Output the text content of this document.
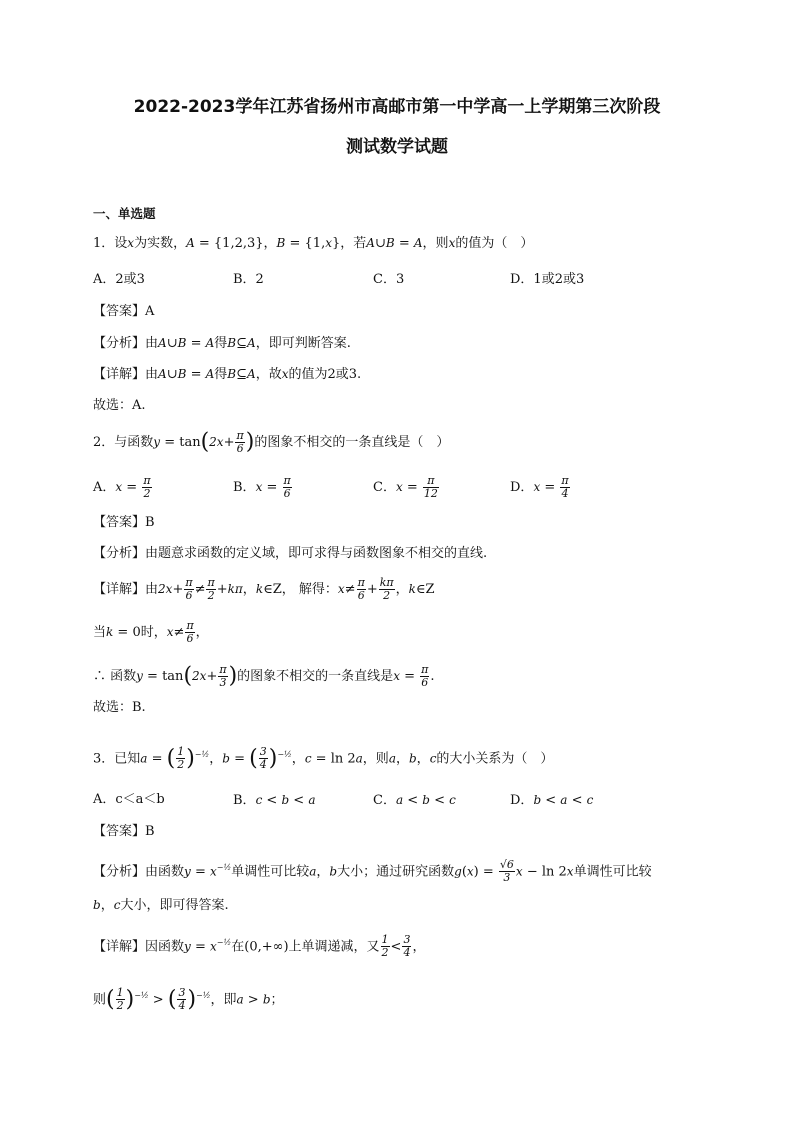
2022-2023学年江苏省扬州市高邮市第一中学高一上学期第三次阶段
测试数学试题
一、单选题
1．设x为实数，A = {1,2,3}，B = {1,x}，若A∪B = A，则x的值为（　）
A．2或3	B．2	C．3	D．1或2或3
【答案】A
【分析】由A∪B = A得B⊆A，即可判断答案.
【详解】由A∪B = A得B⊆A，故x的值为2或3.
故选：A.
2．与函数$y = \tan(2x+ \frac{\pi}{6}$ )的图象不相交的一条直线是（　）
A．$x = \frac{\pi}{2}$	B．$x = \frac{\pi}{6}$	C．$x = \frac{\pi}{12}$	D．$x = \frac{\pi}{4}$
【答案】B
【分析】由题意求函数的定义域，即可求得与函数图象不相交的直线.
【详解】由$2x+ \frac{\pi}{6} \ne \frac{\pi}{2} +k\pi$，k∈Z， 解得：$x\ne \frac{\pi}{6} + \frac{k\pi}{2}$ ，k∈Z
当k = 0时，$x\ne \frac{\pi}{6}$ ，
∴ 函数$y = \tan(2x+ \frac{\pi}{3}$ )的图象不相交的一条直线是$x = \frac{\pi}{6}$ .
故选：B.
3．已知a = ( $\frac{1}{2} )^{-\frac{1}{2}}$，b = ( $\frac{3}{4} )^{-\frac{1}{2}}$，c = ln 2a，则a，b，c的大小关系为（　）
A．c＜a＜b	B．c < b < a	C．a < b < c	D．b < a < c
【答案】B
【分析】由函数$y = x^{-\frac{1}{2}}$单调性可比较a，b大小；通过研究函数$g(x) = \frac{√6}{3}$ x − ln 2x单调性可比较
b，c大小，即可得答案.
【详解】因函数$y = x^{-\frac{1}{2}}$在(0,+∞)上单调递减，又 $\frac{1}{2} < \frac{3}{4}$ ，
则( $\frac{1}{2} )^{-\frac{1}{2}}$ > ( $\frac{3}{4} )^{-\frac{1}{2}}$，即a > b；
